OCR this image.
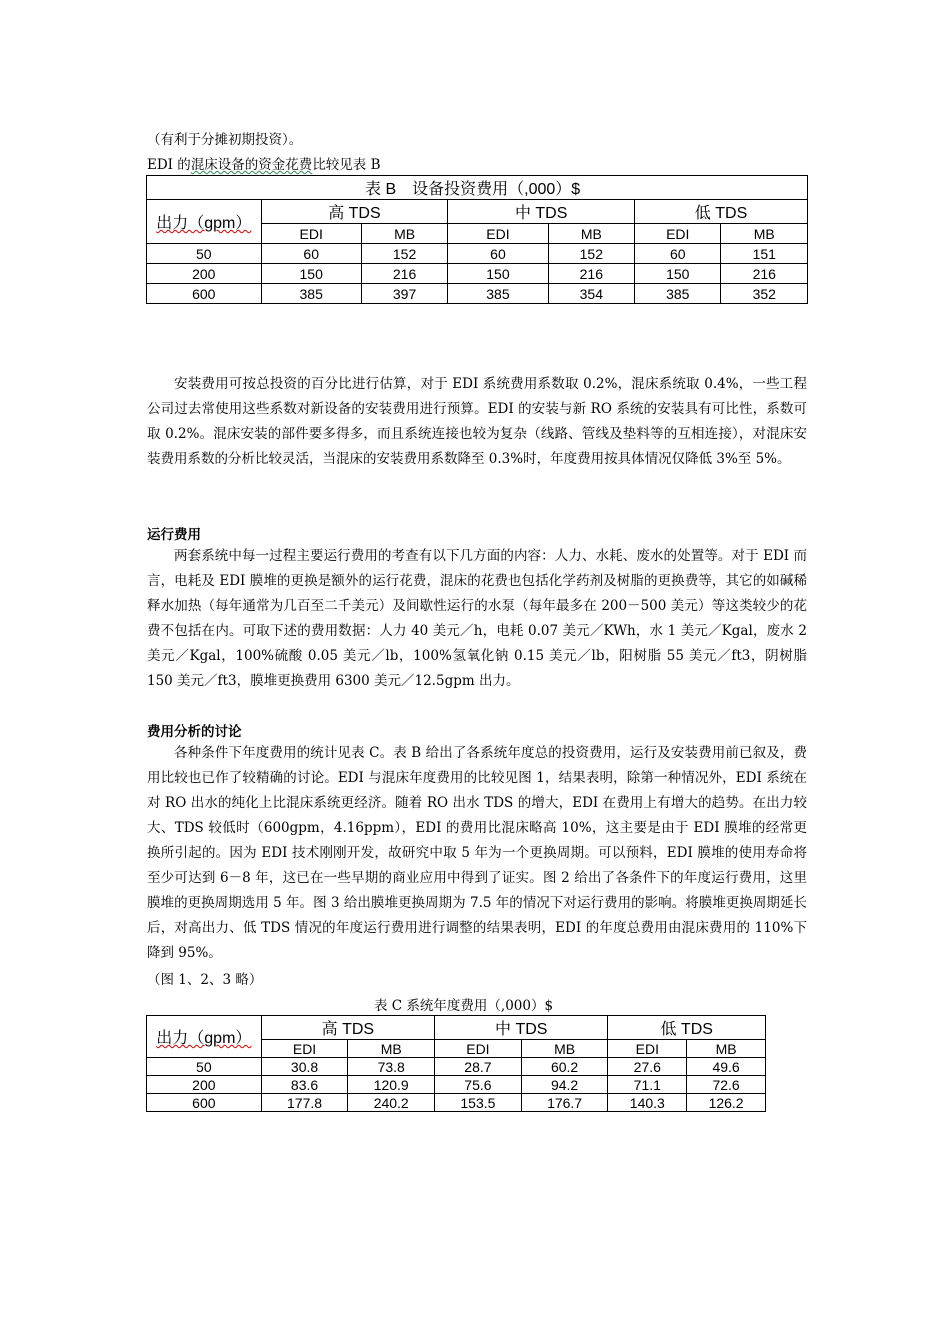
（有利于分摊初期投资）。
EDI 的混床设备的资金花费比较见表 B
表 B　设备投资费用（,000）$						
出力（gpm）	高 TDS		中 TDS		低 TDS	
	EDI	MB	EDI	MB	EDI	MB
50	60	152	60	152	60	151
200	150	216	150	216	150	216
600	385	397	385	354	385	352
安装费用可按总投资的百分比进行估算，对于 EDI 系统费用系数取 0.2%，混床系统取 0.4%，一些工程公司过去常使用这些系数对新设备的安装费用进行预算。EDI 的安装与新 RO 系统的安装具有可比性，系数可取 0.2%。混床安装的部件要多得多，而且系统连接也较为复杂（线路、管线及垫料等的互相连接），对混床安装费用系数的分析比较灵活，当混床的安装费用系数降至 0.3%时，年度费用按具体情况仅降低 3%至 5%。
运行费用
两套系统中每一过程主要运行费用的考查有以下几方面的内容：人力、水耗、废水的处置等。对于 EDI 而言，电耗及 EDI 膜堆的更换是额外的运行花费，混床的花费也包括化学药剂及树脂的更换费等，其它的如碱稀释水加热（每年通常为几百至二千美元）及间歇性运行的水泵（每年最多在 200－500 美元）等这类较少的花费不包括在内。可取下述的费用数据：人力 40 美元／h，电耗 0.07 美元／KWh，水 1 美元／Kgal，废水 2 美元／Kgal，100%硫酸 0.05 美元／lb，100%氢氧化钠 0.15 美元／lb，阳树脂 55 美元／ft3，阴树脂 150 美元／ft3，膜堆更换费用 6300 美元／12.5gpm 出力。
费用分析的讨论
各种条件下年度费用的统计见表 C。表 B 给出了各系统年度总的投资费用，运行及安装费用前已叙及，费用比较也已作了较精确的讨论。EDI 与混床年度费用的比较见图 1，结果表明，除第一种情况外，EDI 系统在对 RO 出水的纯化上比混床系统更经济。随着 RO 出水 TDS 的增大，EDI 在费用上有增大的趋势。在出力较大、TDS 较低时（600gpm，4.16ppm），EDI 的费用比混床略高 10%，这主要是由于 EDI 膜堆的经常更换所引起的。因为 EDI 技术刚刚开发，故研究中取 5 年为一个更换周期。可以预料，EDI 膜堆的使用寿命将至少可达到 6－8 年，这已在一些早期的商业应用中得到了证实。图 2 给出了各条件下的年度运行费用，这里膜堆的更换周期选用 5 年。图 3 给出膜堆更换周期为 7.5 年的情况下对运行费用的影响。将膜堆更换周期延长后，对高出力、低 TDS 情况的年度运行费用进行调整的结果表明，EDI 的年度总费用由混床费用的 110%下降到 95%。
（图 1、2、3 略）
表 C 系统年度费用（,000）$
出力（gpm）	高 TDS		中 TDS		低 TDS	
	EDI	MB	EDI	MB	EDI	MB
50	30.8	73.8	28.7	60.2	27.6	49.6
200	83.6	120.9	75.6	94.2	71.1	72.6
600	177.8	240.2	153.5	176.7	140.3	126.2
